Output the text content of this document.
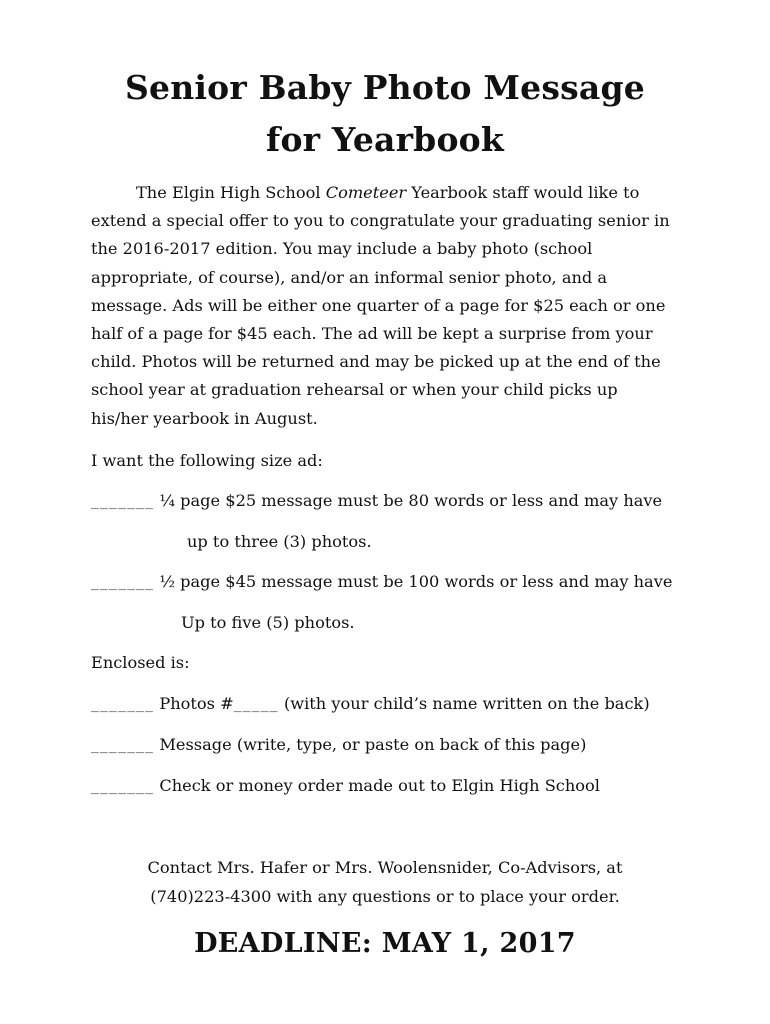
Senior Baby Photo Message
for Yearbook
The Elgin High School Cometeer Yearbook staff would like to
extend a special offer to you to congratulate your graduating senior in
the 2016-2017 edition. You may include a baby photo (school
appropriate, of course), and/or an informal senior photo, and a
message. Ads will be either one quarter of a page for $25 each or one
half of a page for $45 each. The ad will be kept a surprise from your
child. Photos will be returned and may be picked up at the end of the
school year at graduation rehearsal or when your child picks up
his/her yearbook in August.
I want the following size ad:
_______ ¼ page $25 message must be 80 words or less and may have
up to three (3) photos.
_______ ½ page $45 message must be 100 words or less and may have
Up to five (5) photos.
Enclosed is:
_______ Photos #_____ (with your child’s name written on the back)
_______ Message (write, type, or paste on back of this page)
_______ Check or money order made out to Elgin High School
Contact Mrs. Hafer or Mrs. Woolensnider, Co-Advisors, at
(740)223-4300 with any questions or to place your order.
DEADLINE: MAY 1, 2017
